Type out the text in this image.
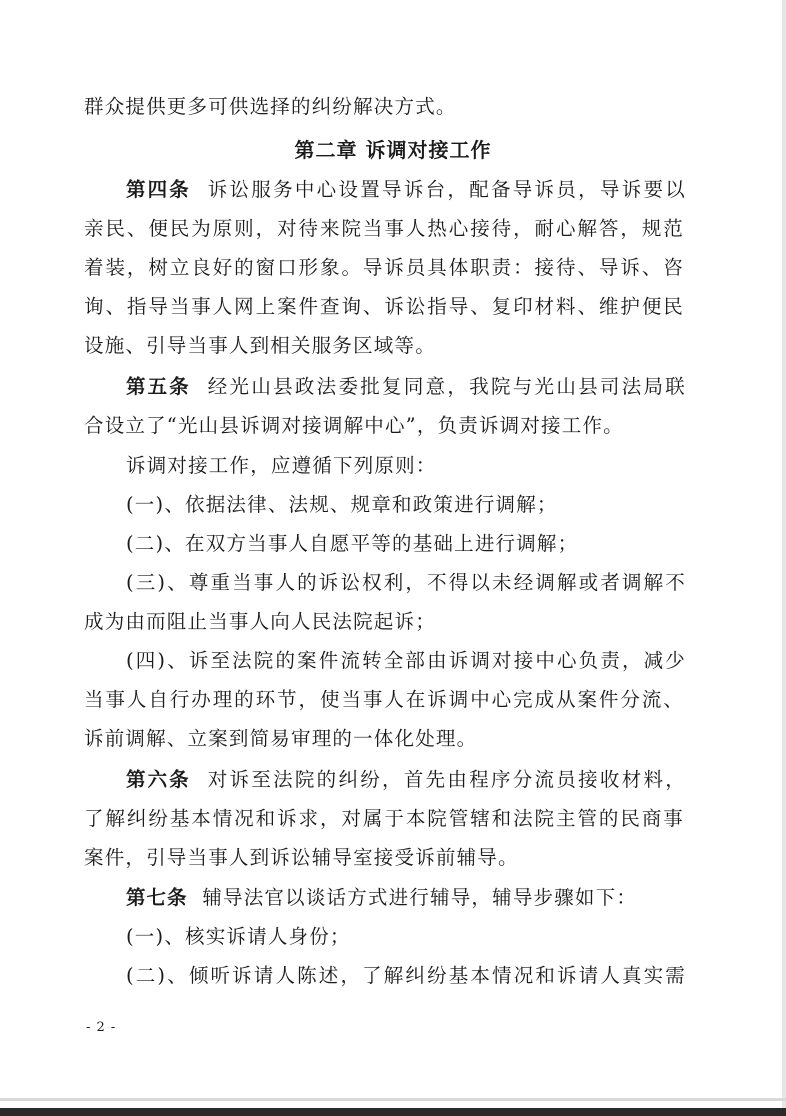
群众提供更多可供选择的纠纷解决方式。
第二章 诉调对接工作
第四条 诉讼服务中心设置导诉台，配备导诉员，导诉要以
亲民、便民为原则，对待来院当事人热心接待，耐心解答，规范
着装，树立良好的窗口形象。导诉员具体职责：接待、导诉、咨
询、指导当事人网上案件查询、诉讼指导、复印材料、维护便民
设施、引导当事人到相关服务区域等。
第五条 经光山县政法委批复同意，我院与光山县司法局联
合设立了“光山县诉调对接调解中心”，负责诉调对接工作。
诉调对接工作，应遵循下列原则：
(一)、依据法律、法规、规章和政策进行调解；
(二)、在双方当事人自愿平等的基础上进行调解；
(三)、尊重当事人的诉讼权利，不得以未经调解或者调解不
成为由而阻止当事人向人民法院起诉；
(四)、诉至法院的案件流转全部由诉调对接中心负责，减少
当事人自行办理的环节，使当事人在诉调中心完成从案件分流、
诉前调解、立案到简易审理的一体化处理。
第六条 对诉至法院的纠纷，首先由程序分流员接收材料，
了解纠纷基本情况和诉求，对属于本院管辖和法院主管的民商事
案件，引导当事人到诉讼辅导室接受诉前辅导。
第七条 辅导法官以谈话方式进行辅导，辅导步骤如下：
(一)、核实诉请人身份；
(二)、倾听诉请人陈述，了解纠纷基本情况和诉请人真实需
- 2 -
